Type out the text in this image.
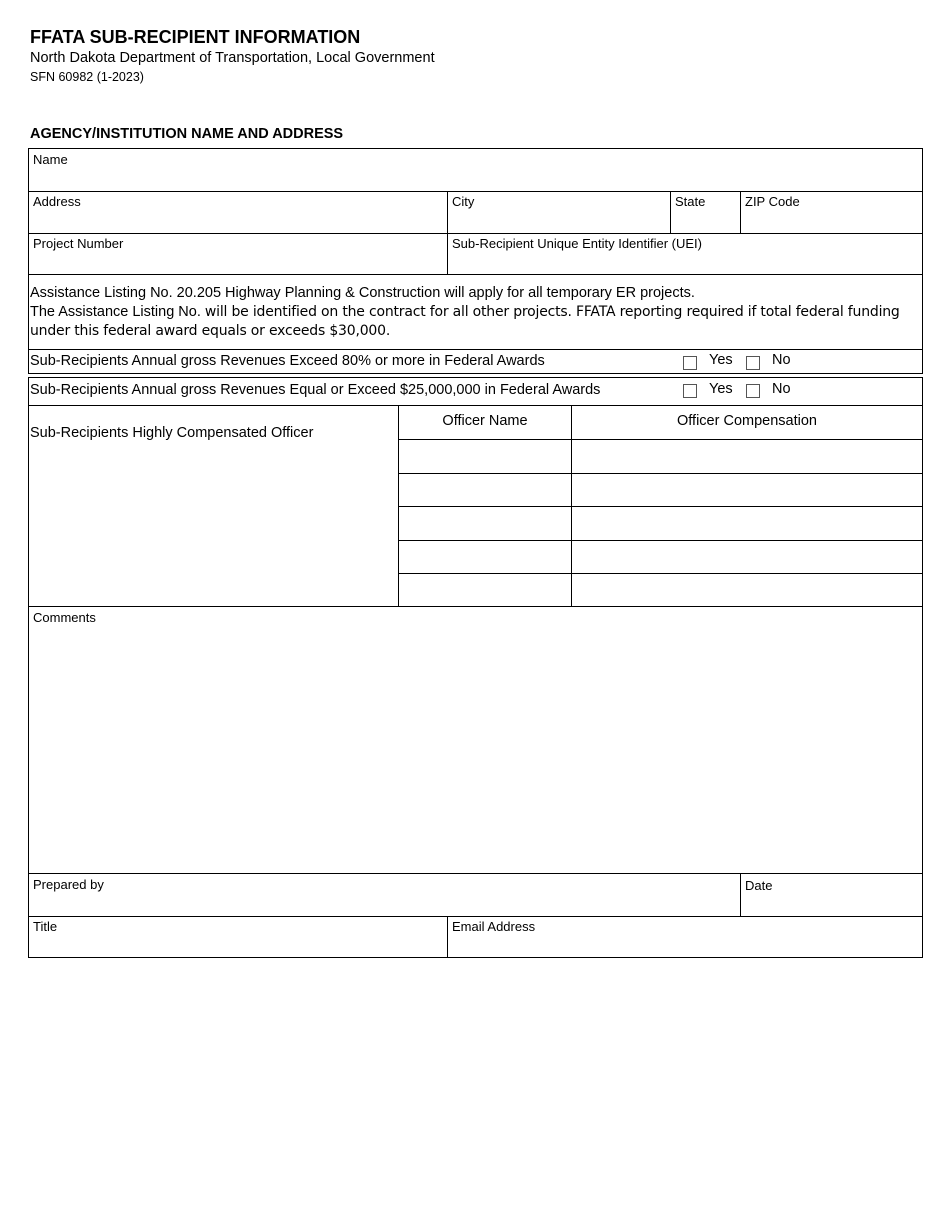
FFATA SUB-RECIPIENT INFORMATION
North Dakota Department of Transportation, Local Government
SFN 60982 (1-2023)
AGENCY/INSTITUTION NAME AND ADDRESS
Name
Address	City	State	ZIP Code
Project Number	Sub-Recipient Unique Entity Identifier (UEI)
Assistance Listing No. 20.205 Highway Planning & Construction will apply for all temporary ER projects.
The Assistance Listing No. will be identified on the contract for all other projects. FFATA reporting required if total federal funding
under this federal award equals or exceeds $30,000.
Sub-Recipients Annual gross Revenues Exceed 80% or more in Federal Awards	Yes	No
Sub-Recipients Annual gross Revenues Equal or Exceed $25,000,000 in Federal Awards	Yes	No
Sub-Recipients Highly Compensated Officer
Officer Name	Officer Compensation
Comments
Prepared by	Date
Title	Email Address
